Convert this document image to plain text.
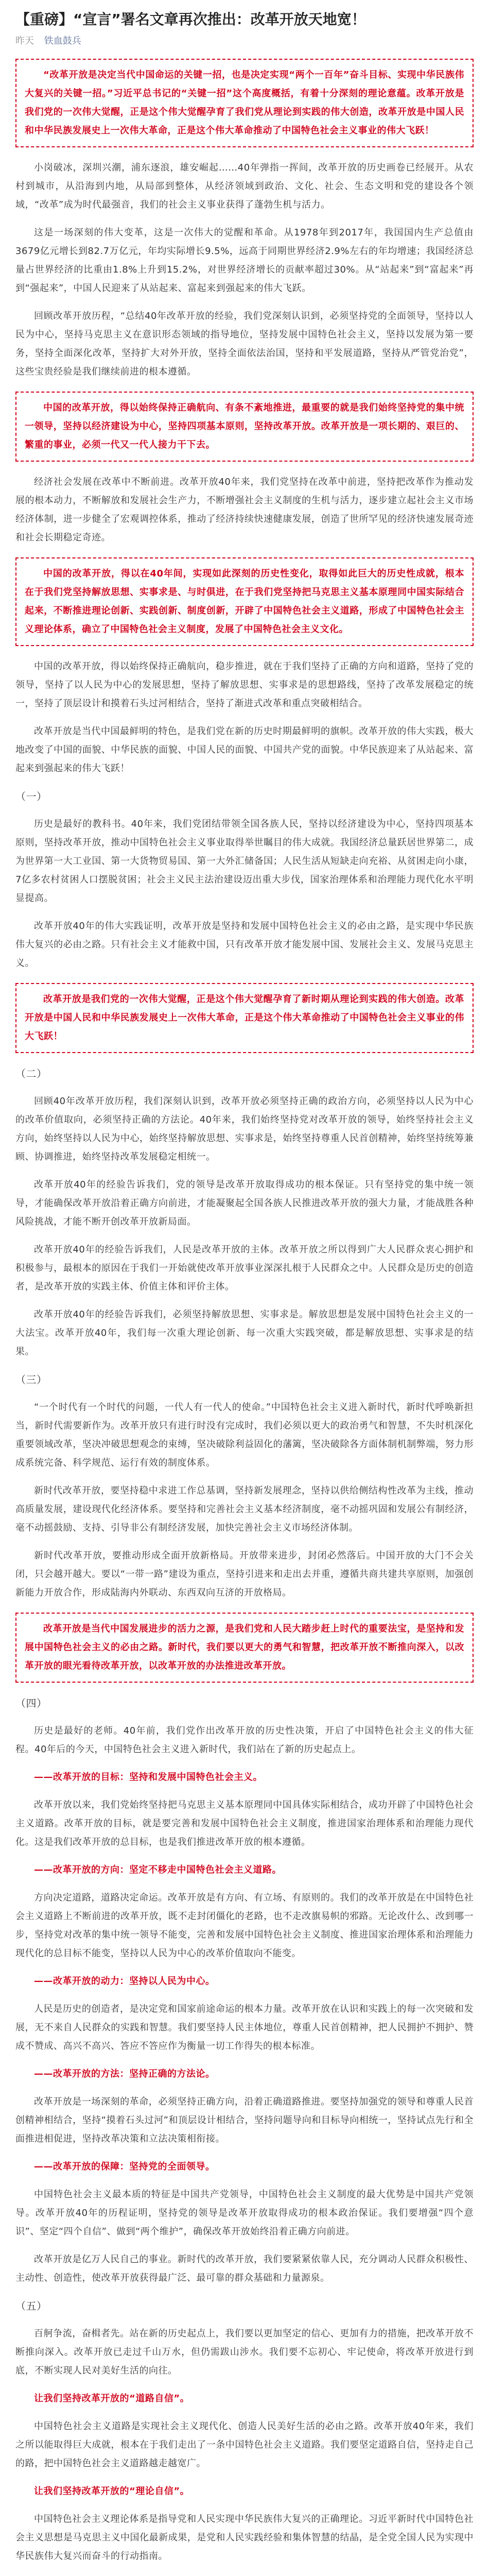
【重磅】“宣言”署名文章再次推出：改革开放天地宽！
昨天 铁血鼓兵

“改革开放是决定当代中国命运的关键一招，也是决定实现“两个一百年”奋斗目标、实现中华民族伟大复兴的关键一招。”习近平总书记的“关键一招”这个高度概括，有着十分深刻的理论意蕴。改革开放是我们党的一次伟大觉醒，正是这个伟大觉醒孕育了我们党从理论到实践的伟大创造，改革开放是中国人民和中华民族发展史上一次伟大革命，正是这个伟大革命推动了中国特色社会主义事业的伟大飞跃！

小岗破冰，深圳兴潮，浦东逐浪，雄安崛起……40年弹指一挥间，改革开放的历史画卷已经展开。从农村到城市，从沿海到内地，从局部到整体，从经济领域到政治、文化、社会、生态文明和党的建设各个领域，“改革”成为时代最强音，我们的社会主义事业获得了蓬勃生机与活力。

这是一场深刻的伟大变革，这是一次伟大的觉醒和革命。从1978年到2017年，我国国内生产总值由3679亿元增长到82.7万亿元，年均实际增长9.5%，远高于同期世界经济2.9%左右的年均增速；我国经济总量占世界经济的比重由1.8%上升到15.2%，对世界经济增长的贡献率超过30%。从“站起来”到“富起来”再到“强起来”，中国人民迎来了从站起来、富起来到强起来的伟大飞跃。

回顾改革开放历程，“总结40年改革开放的经验，我们党深刻认识到，必须坚持党的全面领导，坚持以人民为中心，坚持马克思主义在意识形态领域的指导地位，坚持发展中国特色社会主义，坚持以发展为第一要务，坚持全面深化改革，坚持扩大对外开放，坚持全面依法治国，坚持和平发展道路，坚持从严管党治党”，这些宝贵经验是我们继续前进的根本遵循。

中国的改革开放，得以始终保持正确航向、有条不紊地推进，最重要的就是我们始终坚持党的集中统一领导，坚持以经济建设为中心，坚持四项基本原则，坚持改革开放。改革开放是一项长期的、艰巨的、繁重的事业，必须一代又一代人接力干下去。

经济社会发展在改革中不断前进。改革开放40年来，我们党坚持在改革中前进，坚持把改革作为推动发展的根本动力，不断解放和发展社会生产力，不断增强社会主义制度的生机与活力，逐步建立起社会主义市场经济体制，进一步健全了宏观调控体系，推动了经济持续快速健康发展，创造了世所罕见的经济快速发展奇迹和社会长期稳定奇迹。

中国的改革开放，得以在40年间，实现如此深刻的历史性变化，取得如此巨大的历史性成就，根本在于我们党坚持解放思想、实事求是、与时俱进，在于我们党坚持把马克思主义基本原理同中国实际结合起来，不断推进理论创新、实践创新、制度创新，开辟了中国特色社会主义道路，形成了中国特色社会主义理论体系，确立了中国特色社会主义制度，发展了中国特色社会主义文化。

中国的改革开放，得以始终保持正确航向，稳步推进，就在于我们坚持了正确的方向和道路，坚持了党的领导，坚持了以人民为中心的发展思想，坚持了解放思想、实事求是的思想路线，坚持了改革发展稳定的统一，坚持了顶层设计和摸着石头过河相结合，坚持了渐进式改革和重点突破相结合。

改革开放是当代中国最鲜明的特色，是我们党在新的历史时期最鲜明的旗帜。改革开放的伟大实践，极大地改变了中国的面貌、中华民族的面貌、中国人民的面貌、中国共产党的面貌。中华民族迎来了从站起来、富起来到强起来的伟大飞跃！

（一）

历史是最好的教科书。40年来，我们党团结带领全国各族人民，坚持以经济建设为中心，坚持四项基本原则，坚持改革开放，推动中国特色社会主义事业取得举世瞩目的伟大成就。我国经济总量跃居世界第二，成为世界第一大工业国、第一大货物贸易国、第一大外汇储备国；人民生活从短缺走向充裕、从贫困走向小康，7亿多农村贫困人口摆脱贫困；社会主义民主法治建设迈出重大步伐，国家治理体系和治理能力现代化水平明显提高。

改革开放40年的伟大实践证明，改革开放是坚持和发展中国特色社会主义的必由之路，是实现中华民族伟大复兴的必由之路。只有社会主义才能救中国，只有改革开放才能发展中国、发展社会主义、发展马克思主义。

改革开放是我们党的一次伟大觉醒，正是这个伟大觉醒孕育了新时期从理论到实践的伟大创造。改革开放是中国人民和中华民族发展史上一次伟大革命，正是这个伟大革命推动了中国特色社会主义事业的伟大飞跃！

（二）

回顾40年改革开放历程，我们深刻认识到，改革开放必须坚持正确的政治方向，必须坚持以人民为中心的改革价值取向，必须坚持正确的方法论。40年来，我们始终坚持党对改革开放的领导，始终坚持社会主义方向，始终坚持以人民为中心，始终坚持解放思想、实事求是，始终坚持尊重人民首创精神，始终坚持统筹兼顾、协调推进，始终坚持改革发展稳定相统一。

改革开放40年的经验告诉我们，党的领导是改革开放取得成功的根本保证。只有坚持党的集中统一领导，才能确保改革开放沿着正确方向前进，才能凝聚起全国各族人民推进改革开放的强大力量，才能战胜各种风险挑战，才能不断开创改革开放新局面。

改革开放40年的经验告诉我们，人民是改革开放的主体。改革开放之所以得到广大人民群众衷心拥护和积极参与，最根本的原因在于我们一开始就使改革开放事业深深扎根于人民群众之中。人民群众是历史的创造者，是改革开放的实践主体、价值主体和评价主体。

改革开放40年的经验告诉我们，必须坚持解放思想、实事求是。解放思想是发展中国特色社会主义的一大法宝。改革开放40年，我们每一次重大理论创新、每一次重大实践突破，都是解放思想、实事求是的结果。

（三）

“一个时代有一个时代的问题，一代人有一代人的使命。”中国特色社会主义进入新时代，新时代呼唤新担当，新时代需要新作为。改革开放只有进行时没有完成时，我们必须以更大的政治勇气和智慧，不失时机深化重要领域改革，坚决冲破思想观念的束缚，坚决破除利益固化的藩篱，坚决破除各方面体制机制弊端，努力形成系统完备、科学规范、运行有效的制度体系。

新时代改革开放，要坚持稳中求进工作总基调，坚持新发展理念，坚持以供给侧结构性改革为主线，推动高质量发展，建设现代化经济体系。要坚持和完善社会主义基本经济制度，毫不动摇巩固和发展公有制经济，毫不动摇鼓励、支持、引导非公有制经济发展，加快完善社会主义市场经济体制。

新时代改革开放，要推动形成全面开放新格局。开放带来进步，封闭必然落后。中国开放的大门不会关闭，只会越开越大。要以“一带一路”建设为重点，坚持引进来和走出去并重，遵循共商共建共享原则，加强创新能力开放合作，形成陆海内外联动、东西双向互济的开放格局。

改革开放是当代中国发展进步的活力之源，是我们党和人民大踏步赶上时代的重要法宝，是坚持和发展中国特色社会主义的必由之路。新时代，我们要以更大的勇气和智慧，把改革开放不断推向深入，以改革开放的眼光看待改革开放，以改革开放的办法推进改革开放。

（四）

历史是最好的老师。40年前，我们党作出改革开放的历史性决策，开启了中国特色社会主义的伟大征程。40年后的今天，中国特色社会主义进入新时代，我们站在了新的历史起点上。

——改革开放的目标：坚持和发展中国特色社会主义。

改革开放以来，我们党始终坚持把马克思主义基本原理同中国具体实际相结合，成功开辟了中国特色社会主义道路。改革开放的目标，就是要完善和发展中国特色社会主义制度，推进国家治理体系和治理能力现代化。这是我们改革开放的总目标，也是我们推进改革开放的根本遵循。

——改革开放的方向：坚定不移走中国特色社会主义道路。

方向决定道路，道路决定命运。改革开放是有方向、有立场、有原则的。我们的改革开放是在中国特色社会主义道路上不断前进的改革开放，既不走封闭僵化的老路，也不走改旗易帜的邪路。无论改什么、改到哪一步，坚持党对改革的集中统一领导不能变，完善和发展中国特色社会主义制度、推进国家治理体系和治理能力现代化的总目标不能变，坚持以人民为中心的改革价值取向不能变。

——改革开放的动力：坚持以人民为中心。

人民是历史的创造者，是决定党和国家前途命运的根本力量。改革开放在认识和实践上的每一次突破和发展，无不来自人民群众的实践和智慧。我们要坚持人民主体地位，尊重人民首创精神，把人民拥护不拥护、赞成不赞成、高兴不高兴、答应不答应作为衡量一切工作得失的根本标准。

——改革开放的方法：坚持正确的方法论。

改革开放是一场深刻的革命，必须坚持正确方向，沿着正确道路推进。要坚持加强党的领导和尊重人民首创精神相结合，坚持“摸着石头过河”和顶层设计相结合，坚持问题导向和目标导向相统一，坚持试点先行和全面推进相促进，坚持改革决策和立法决策相衔接。

——改革开放的保障：坚持党的全面领导。

中国特色社会主义最本质的特征是中国共产党领导，中国特色社会主义制度的最大优势是中国共产党领导。改革开放40年的历程证明，坚持党的领导是改革开放取得成功的根本政治保证。我们要增强“四个意识”、坚定“四个自信”、做到“两个维护”，确保改革开放始终沿着正确方向前进。

改革开放是亿万人民自己的事业。新时代的改革开放，我们要紧紧依靠人民，充分调动人民群众积极性、主动性、创造性，使改革开放获得最广泛、最可靠的群众基础和力量源泉。

（五）

百舸争流，奋楫者先。站在新的历史起点上，我们要以更加坚定的信心、更加有力的措施，把改革开放不断推向深入。改革开放已走过千山万水，但仍需跋山涉水。我们要不忘初心、牢记使命，将改革开放进行到底，不断实现人民对美好生活的向往。

让我们坚持改革开放的“道路自信”。

中国特色社会主义道路是实现社会主义现代化、创造人民美好生活的必由之路。改革开放40年来，我们之所以能取得巨大成就，根本在于我们走出了一条中国特色社会主义道路。我们要坚定道路自信，坚持走自己的路，把中国特色社会主义道路越走越宽广。

让我们坚持改革开放的“理论自信”。

中国特色社会主义理论体系是指导党和人民实现中华民族伟大复兴的正确理论。习近平新时代中国特色社会主义思想是马克思主义中国化最新成果，是党和人民实践经验和集体智慧的结晶，是全党全国人民为实现中华民族伟大复兴而奋斗的行动指南。
